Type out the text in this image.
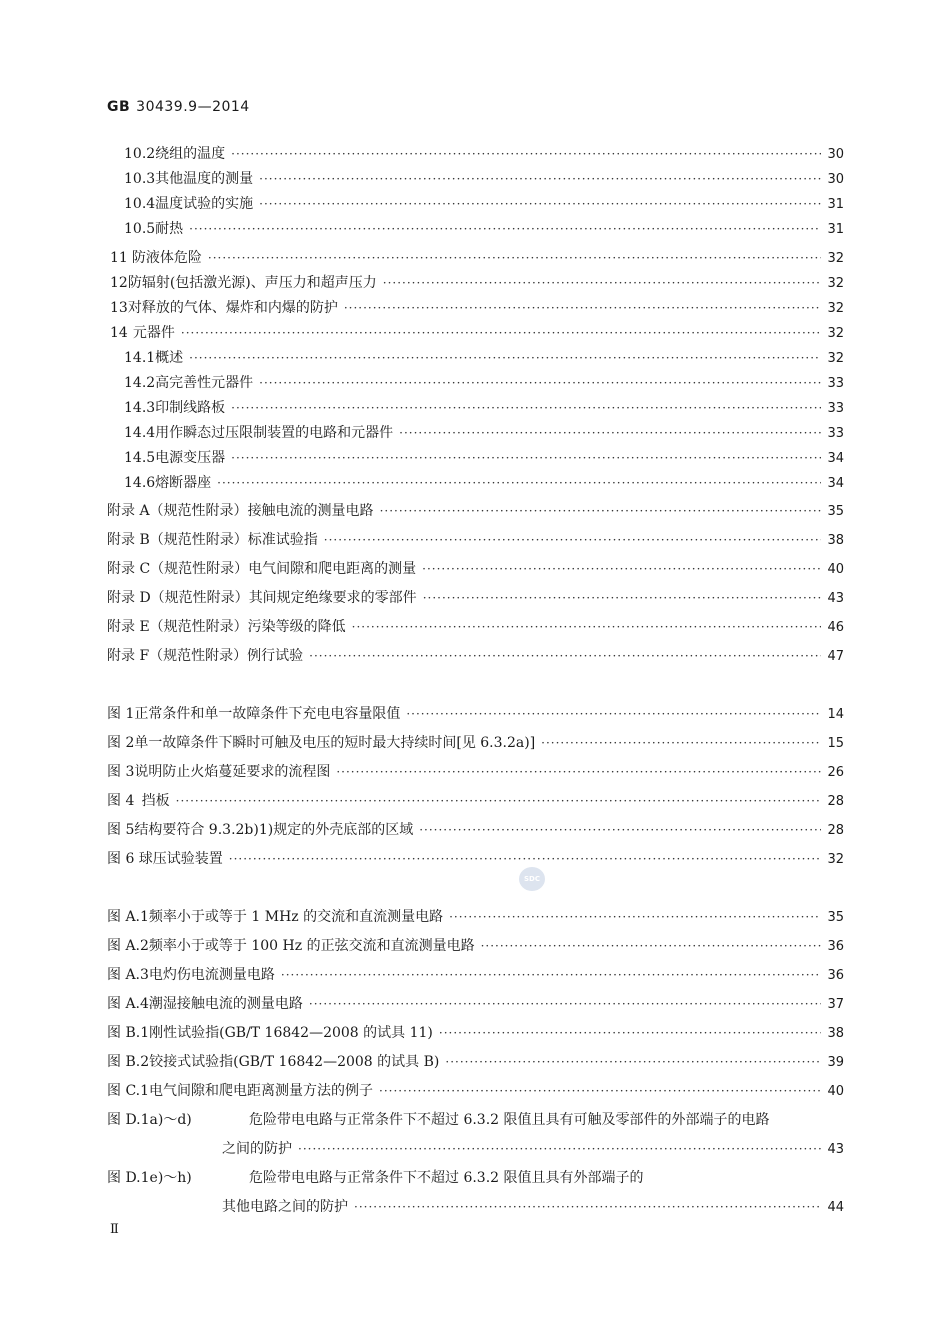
GB 30439.9—2014
10.2 绕组的温度 ·····	30
10.3 其他温度的测量 ·····	30
10.4 温度试验的实施 ·····	31
10.5 耐热 ·····	31
11 防液体危险 ·····	32
12 防辐射(包括激光源)、声压力和超声压力 ·····	32
13 对释放的气体、爆炸和内爆的防护 ·····	32
14 元器件 ·····	32
14.1 概述 ·····	32
14.2 高完善性元器件 ·····	33
14.3 印制线路板 ·····	33
14.4 用作瞬态过压限制装置的电路和元器件 ·····	33
14.5 电源变压器 ·····	34
14.6 熔断器座 ·····	34
附录 A（规范性附录） 接触电流的测量电路 ·····	35
附录 B（规范性附录） 标准试验指 ·····	38
附录 C（规范性附录） 电气间隙和爬电距离的测量 ·····	40
附录 D（规范性附录） 其间规定绝缘要求的零部件 ·····	43
附录 E（规范性附录） 污染等级的降低 ·····	46
附录 F（规范性附录） 例行试验 ·····	47
图 1 正常条件和单一故障条件下充电电容量限值 ·····	14
图 2 单一故障条件下瞬时可触及电压的短时最大持续时间[见 6.3.2a)] ·····	15
图 3 说明防止火焰蔓延要求的流程图 ·····	26
图 4 挡板 ·····	28
图 5 结构要符合 9.3.2b)1)规定的外壳底部的区域 ·····	28
图 6 球压试验装置 ·····	32
SDC
图 A.1 频率小于或等于 1 MHz 的交流和直流测量电路 ·····	35
图 A.2 频率小于或等于 100 Hz 的正弦交流和直流测量电路 ·····	36
图 A.3 电灼伤电流测量电路 ·····	36
图 A.4 潮湿接触电流的测量电路 ·····	37
图 B.1 刚性试验指(GB/T 16842—2008 的试具 11) ·····	38
图 B.2 铰接式试验指(GB/T 16842—2008 的试具 B) ·····	39
图 C.1 电气间隙和爬电距离测量方法的例子 ·····	40
图 D.1a)～d)	危险带电电路与正常条件下不超过 6.3.2 限值且具有可触及零部件的外部端子的电路
之间的防护 ·····	43
图 D.1e)～h)	危险带电电路与正常条件下不超过 6.3.2 限值且具有外部端子的
其他电路之间的防护 ·····	44
Ⅱ
